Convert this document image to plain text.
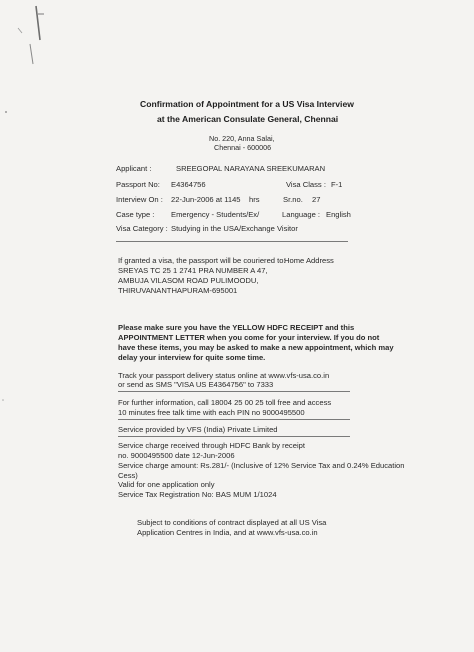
Confirmation of Appointment for a US Visa Interview
at the American Consulate General, Chennai
No. 220, Anna Salai,
Chennai - 600006
Applicant :	SREEGOPAL NARAYANA SREEKUMARAN
Passport No: E4364756	Visa Class : F-1
Interview On : 22-Jun-2006 at 1145 hrs	Sr.no. 27
Case type : Emergency - Students/Ex/	Language : English
Visa Category : Studying in the USA/Exchange Visitor
If granted a visa, the passport will be couriered to:
Home Address
SREYAS TC 25 1 2741 PRA NUMBER A 47,
AMBUJA VILASOM ROAD PULIMOODU,
THIRUVANANTHAPURAM-695001
Please make sure you have the YELLOW HDFC RECEIPT and this
APPOINTMENT LETTER when you come for your interview. If you do not
have these items, you may be asked to make a new appointment, which may
delay your interview for quite some time.
Track your passport delivery status online at www.vfs-usa.co.in
or send as SMS "VISA US E4364756" to 7333
For further information, call 18004 25 00 25 toll free and access
10 minutes free talk time with each PIN no 9000495500
Service provided by VFS (India) Private Limited
Service charge received through HDFC Bank by receipt
no. 9000495500 date 12-Jun-2006
Service charge amount: Rs.281/- (Inclusive of 12% Service Tax and 0.24% Education
Cess)
Valid for one application only
Service Tax Registration No: BAS MUM 1/1024
Subject to conditions of contract displayed at all US Visa
Application Centres in India, and at www.vfs-usa.co.in
